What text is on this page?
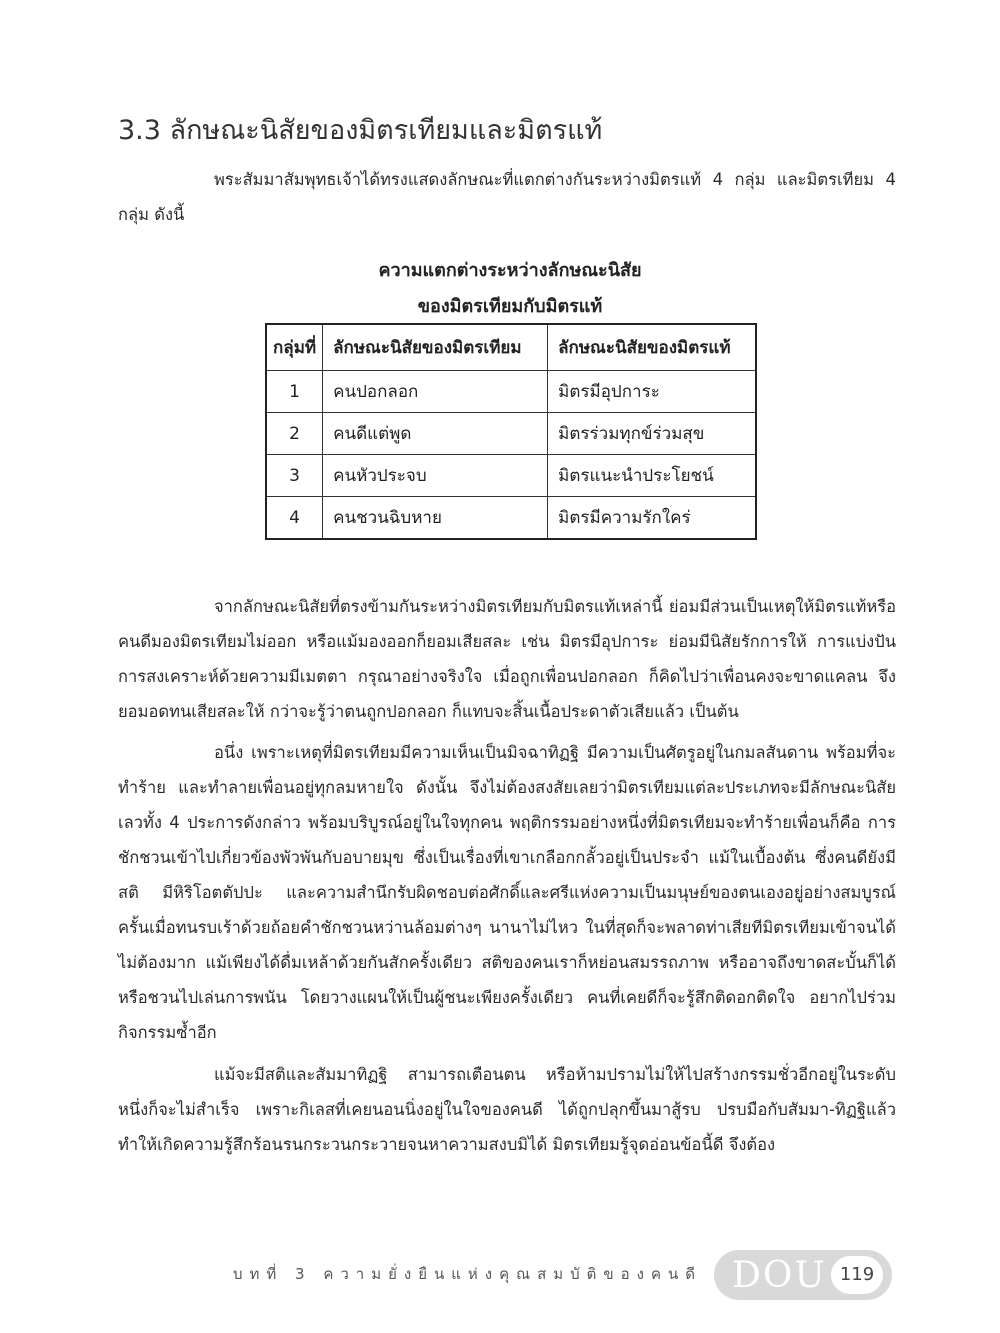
3.3 ลักษณะนิสัยของมิตรเทียมและมิตรแท้

พระสัมมาสัมพุทธเจ้าได้ทรงแสดงลักษณะที่แตกต่างกันระหว่างมิตรแท้ 4 กลุ่ม และมิตรเทียม 4 กลุ่ม ดังนี้

ความแตกต่างระหว่างลักษณะนิสัย
ของมิตรเทียมกับมิตรแท้
กลุ่มที่	ลักษณะนิสัยของมิตรเทียม	ลักษณะนิสัยของมิตรแท้
1	คนปอกลอก	มิตรมีอุปการะ
2	คนดีแต่พูด	มิตรร่วมทุกข์ร่วมสุข
3	คนหัวประจบ	มิตรแนะนำประโยชน์
4	คนชวนฉิบหาย	มิตรมีความรักใคร่

จากลักษณะนิสัยที่ตรงข้ามกันระหว่างมิตรเทียมกับมิตรแท้เหล่านี้ ย่อมมีส่วนเป็นเหตุให้มิตรแท้หรือคนดีมองมิตรเทียมไม่ออก หรือแม้มองออกก็ยอมเสียสละ เช่น มิตรมีอุปการะ ย่อมมีนิสัยรักการให้ การแบ่งปัน การสงเคราะห์ด้วยความมีเมตตา กรุณาอย่างจริงใจ เมื่อถูกเพื่อนปอกลอก ก็คิดไปว่าเพื่อนคงจะขาดแคลน จึงยอมอดทนเสียสละให้ กว่าจะรู้ว่าตนถูกปอกลอก ก็แทบจะสิ้นเนื้อประดาตัวเสียแล้ว เป็นต้น

อนึ่ง เพราะเหตุที่มิตรเทียมมีความเห็นเป็นมิจฉาทิฏฐิ มีความเป็นศัตรูอยู่ในกมลสันดาน พร้อมที่จะทำร้าย และทำลายเพื่อนอยู่ทุกลมหายใจ ดังนั้น จึงไม่ต้องสงสัยเลยว่ามิตรเทียมแต่ละประเภทจะมีลักษณะนิสัยเลวทั้ง 4 ประการดังกล่าว พร้อมบริบูรณ์อยู่ในใจทุกคน พฤติกรรมอย่างหนึ่งที่มิตรเทียมจะทำร้ายเพื่อนก็คือ การชักชวนเข้าไปเกี่ยวข้องพัวพันกับอบายมุข ซึ่งเป็นเรื่องที่เขาเกลือกกลั้วอยู่เป็นประจำ แม้ในเบื้องต้น ซึ่งคนดียังมีสติ มีหิริโอตตัปปะ และความสำนึกรับผิดชอบต่อศักดิ์และศรีแห่งความเป็นมนุษย์ของตนเองอยู่อย่างสมบูรณ์ ครั้นเมื่อทนรบเร้าด้วยถ้อยคำชักชวนหว่านล้อมต่างๆ นานาไม่ไหว ในที่สุดก็จะพลาดท่าเสียทีมิตรเทียมเข้าจนได้ ไม่ต้องมาก แม้เพียงได้ดื่มเหล้าด้วยกันสักครั้งเดียว สติของคนเราก็หย่อนสมรรถภาพ หรืออาจถึงขาดสะบั้นก็ได้ หรือชวนไปเล่นการพนัน โดยวางแผนให้เป็นผู้ชนะเพียงครั้งเดียว คนที่เคยดีก็จะรู้สึกติดอกติดใจ อยากไปร่วมกิจกรรมซ้ำอีก

แม้จะมีสติและสัมมาทิฏฐิ สามารถเตือนตน หรือห้ามปรามไม่ให้ไปสร้างกรรมชั่วอีกอยู่ในระดับหนึ่งก็จะไม่สำเร็จ เพราะกิเลสที่เคยนอนนิ่งอยู่ในใจของคนดี ได้ถูกปลุกขึ้นมาสู้รบ ปรบมือกับสัมมา-ทิฏฐิแล้ว ทำให้เกิดความรู้สึกร้อนรนกระวนกระวายจนหาความสงบมิได้ มิตรเทียมรู้จุดอ่อนข้อนี้ดี จึงต้อง

บทที่ 3 ความยั่งยืนแห่งคุณสมบัติของคนดี DOU 119
